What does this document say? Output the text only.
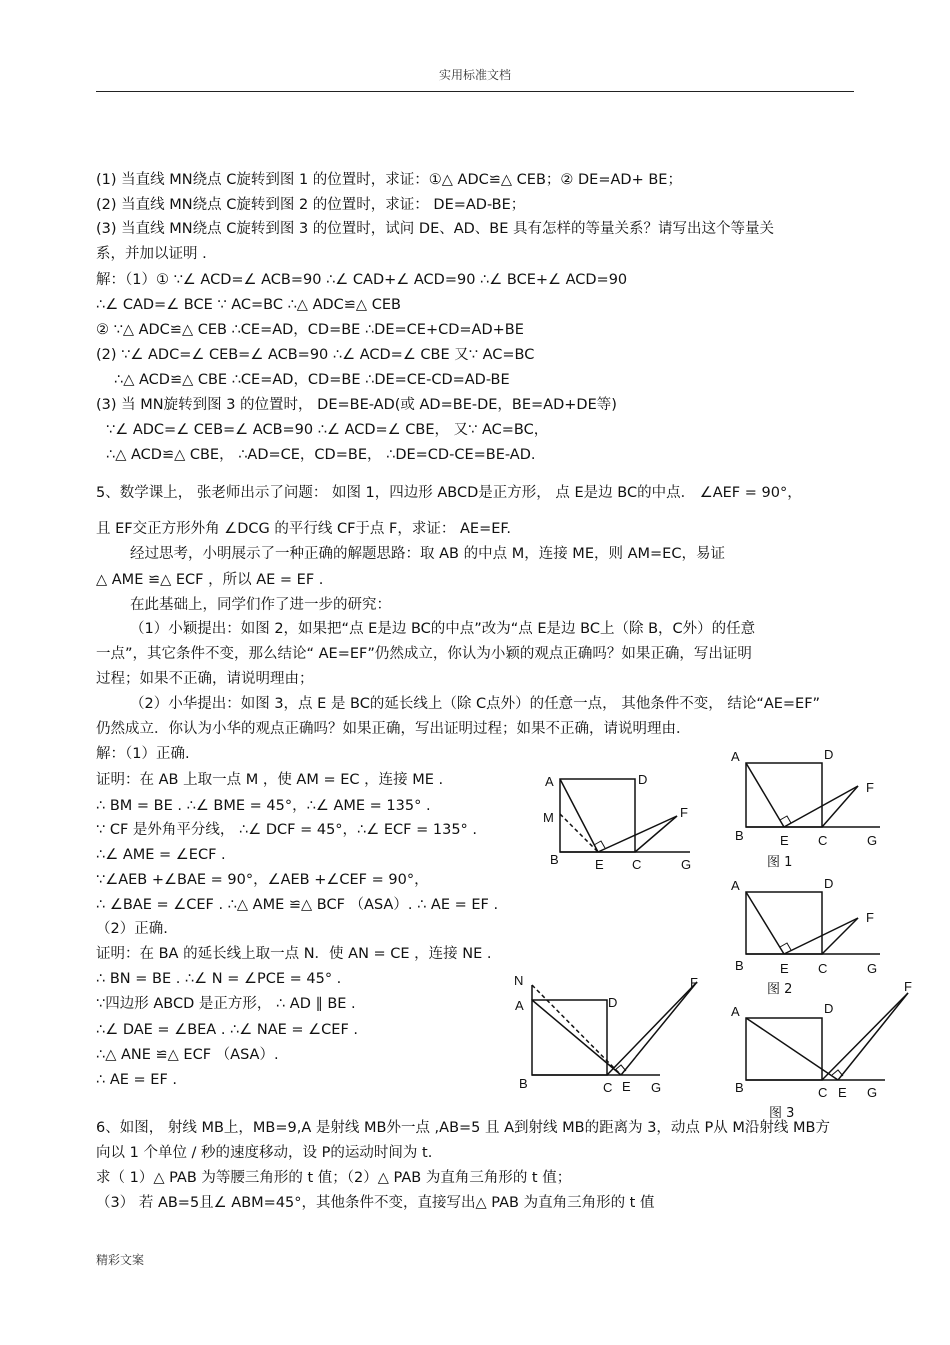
实用标准文档
(1) 当直线 MN绕点 C旋转到图 1 的位置时，求证：①△ ADC≌△ CEB；② DE=AD+ BE；
(2) 当直线 MN绕点 C旋转到图 2 的位置时，求证： DE=AD-BE；
(3) 当直线 MN绕点 C旋转到图 3 的位置时，试问 DE、AD、BE 具有怎样的等量关系？请写出这个等量关
系，并加以证明 .
解：（1）① ∵∠ ACD=∠ ACB=90 ∴∠ CAD+∠ ACD=90 ∴∠ BCE+∠ ACD=90
∴∠ CAD=∠ BCE ∵ AC=BC ∴△ ADC≌△ CEB
② ∵△ ADC≌△ CEB ∴CE=AD，CD=BE ∴DE=CE+CD=AD+BE
(2) ∵∠ ADC=∠ CEB=∠ ACB=90 ∴∠ ACD=∠ CBE 又∵ AC=BC
∴△ ACD≌△ CBE ∴CE=AD，CD=BE ∴DE=CE-CD=AD-BE
(3) 当 MN旋转到图 3 的位置时， DE=BE-AD(或 AD=BE-DE，BE=AD+DE等)
∵∠ ADC=∠ CEB=∠ ACB=90 ∴∠ ACD=∠ CBE， 又∵ AC=BC，
∴△ ACD≌△ CBE， ∴AD=CE，CD=BE， ∴DE=CD-CE=BE-AD.
5、数学课上， 张老师出示了问题： 如图 1，四边形 ABCD是正方形， 点 E是边 BC的中点． ∠AEF = 90°，
且 EF交正方形外角 ∠DCG 的平行线 CF于点 F，求证： AE=EF.
经过思考，小明展示了一种正确的解题思路：取 AB 的中点 M，连接 ME，则 AM=EC，易证
△ AME ≌△ ECF ，所以 AE = EF .
在此基础上，同学们作了进一步的研究：
（1）小颖提出：如图 2，如果把“点 E是边 BC的中点”改为“点 E是边 BC上（除 B，C外）的任意
一点”，其它条件不变，那么结论“ AE=EF”仍然成立，你认为小颖的观点正确吗？如果正确，写出证明
过程；如果不正确，请说明理由；
（2）小华提出：如图 3，点 E 是 BC的延长线上（除 C点外）的任意一点， 其他条件不变， 结论“AE=EF”
仍然成立．你认为小华的观点正确吗？如果正确，写出证明过程；如果不正确，请说明理由．
解：（1）正确.
证明：在 AB 上取一点 M ，使 AM = EC ，连接 ME .
∴ BM = BE . ∴∠ BME = 45°，∴∠ AME = 135° .
∵ CF 是外角平分线， ∴∠ DCF = 45°，∴∠ ECF = 135° .
∴∠ AME = ∠ECF .
∵∠AEB +∠BAE = 90°，∠AEB +∠CEF = 90°，
∴ ∠BAE = ∠CEF . ∴△ AME ≌△ BCF （ASA）. ∴ AE = EF .
（2）正确.
证明：在 BA 的延长线上取一点 N．使 AN = CE ，连接 NE .
∴ BN = BE . ∴∠ N = ∠PCE = 45° .
∵四边形 ABCD 是正方形， ∴ AD ∥ BE .
∴∠ DAE = ∠BEA . ∴∠ NAE = ∠CEF .
∴△ ANE ≌△ ECF （ASA）.
∴ AE = EF .
6、如图， 射线 MB上，MB=9,A 是射线 MB外一点 ,AB=5 且 A到射线 MB的距离为 3，动点 P从 M沿射线 MB方
向以 1 个单位 / 秒的速度移动，设 P的运动时间为 t.
求（ 1）△ PAB 为等腰三角形的 t 值；（2）△ PAB 为直角三角形的 t 值；
（3） 若 AB=5且∠ ABM=45°，其他条件不变，直接写出△ PAB 为直角三角形的 t 值
A	D
F
B	E C	G
图 1
A	D
F
B	E C	G
图 2
A	D
F
B	C E G
图 3
A	D
M	F
B	E C	G
N
A	D
F
B	C E G
精彩文案
